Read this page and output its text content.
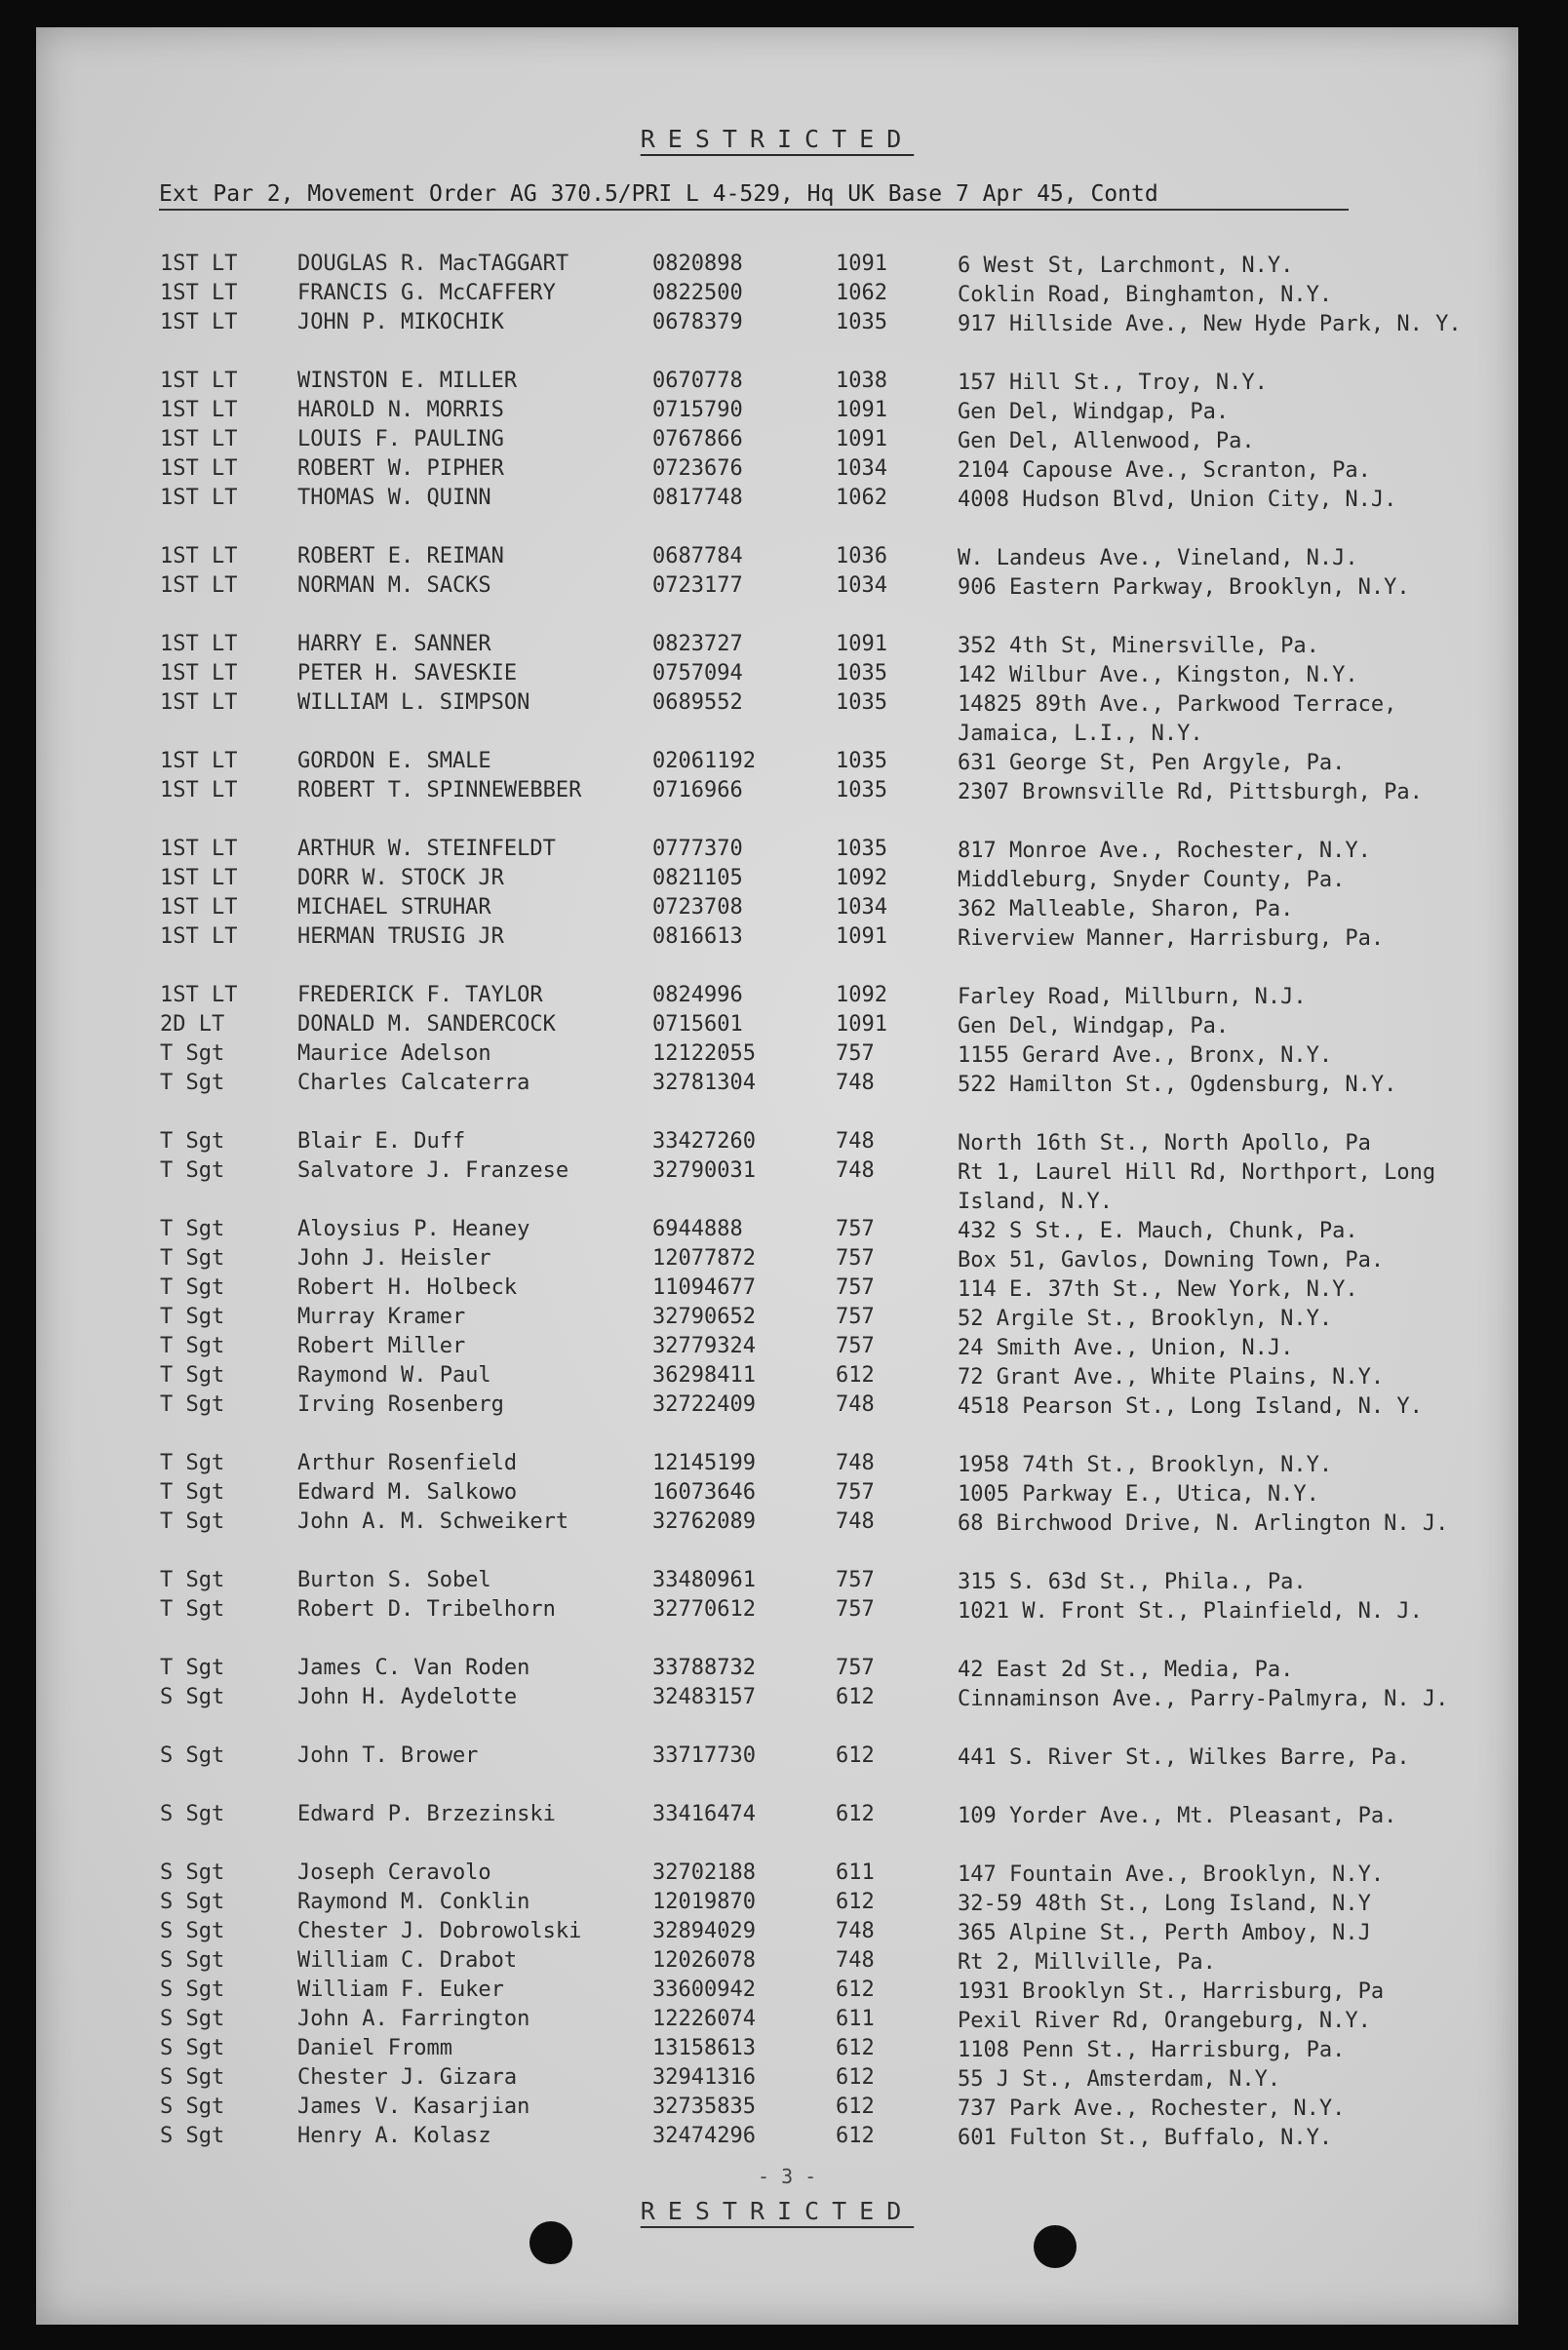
RESTRICTED
Ext Par 2, Movement Order AG 370.5/PRI L 4-529, Hq UK Base 7 Apr 45, Contd
1ST LT	DOUGLAS R. MacTAGGART	0820898	1091	6 West St, Larchmont, N.Y.
1ST LT	FRANCIS G. McCAFFERY	0822500	1062	Coklin Road, Binghamton, N.Y.
1ST LT	JOHN P. MIKOCHIK	0678379	1035	917 Hillside Ave., New Hyde Park, N. Y.
1ST LT	WINSTON E. MILLER	0670778	1038	157 Hill St., Troy, N.Y.
1ST LT	HAROLD N. MORRIS	0715790	1091	Gen Del, Windgap, Pa.
1ST LT	LOUIS F. PAULING	0767866	1091	Gen Del, Allenwood, Pa.
1ST LT	ROBERT W. PIPHER	0723676	1034	2104 Capouse Ave., Scranton, Pa.
1ST LT	THOMAS W. QUINN	0817748	1062	4008 Hudson Blvd, Union City, N.J.
1ST LT	ROBERT E. REIMAN	0687784	1036	W. Landeus Ave., Vineland, N.J.
1ST LT	NORMAN M. SACKS	0723177	1034	906 Eastern Parkway, Brooklyn, N.Y.
1ST LT	HARRY E. SANNER	0823727	1091	352 4th St, Minersville, Pa.
1ST LT	PETER H. SAVESKIE	0757094	1035	142 Wilbur Ave., Kingston, N.Y.
1ST LT	WILLIAM L. SIMPSON	0689552	1035	14825 89th Ave., Parkwood Terrace, Jamaica, L.I., N.Y.
1ST LT	GORDON E. SMALE	02061192	1035	631 George St, Pen Argyle, Pa.
1ST LT	ROBERT T. SPINNEWEBBER	0716966	1035	2307 Brownsville Rd, Pittsburgh, Pa.
1ST LT	ARTHUR W. STEINFELDT	0777370	1035	817 Monroe Ave., Rochester, N.Y.
1ST LT	DORR W. STOCK JR	0821105	1092	Middleburg, Snyder County, Pa.
1ST LT	MICHAEL STRUHAR	0723708	1034	362 Malleable, Sharon, Pa.
1ST LT	HERMAN TRUSIG JR	0816613	1091	Riverview Manner, Harrisburg, Pa.
1ST LT	FREDERICK F. TAYLOR	0824996	1092	Farley Road, Millburn, N.J.
2D LT	DONALD M. SANDERCOCK	0715601	1091	Gen Del, Windgap, Pa.
T Sgt	Maurice Adelson	12122055	757	1155 Gerard Ave., Bronx, N.Y.
T Sgt	Charles Calcaterra	32781304	748	522 Hamilton St., Ogdensburg, N.Y.
T Sgt	Blair E. Duff	33427260	748	North 16th St., North Apollo, Pa
T Sgt	Salvatore J. Franzese	32790031	748	Rt 1, Laurel Hill Rd, Northport, Long Island, N.Y.
T Sgt	Aloysius P. Heaney	6944888	757	432 S St., E. Mauch, Chunk, Pa.
T Sgt	John J. Heisler	12077872	757	Box 51, Gavlos, Downing Town, Pa.
T Sgt	Robert H. Holbeck	11094677	757	114 E. 37th St., New York, N.Y.
T Sgt	Murray Kramer	32790652	757	52 Argile St., Brooklyn, N.Y.
T Sgt	Robert Miller	32779324	757	24 Smith Ave., Union, N.J.
T Sgt	Raymond W. Paul	36298411	612	72 Grant Ave., White Plains, N.Y.
T Sgt	Irving Rosenberg	32722409	748	4518 Pearson St., Long Island, N. Y.
T Sgt	Arthur Rosenfield	12145199	748	1958 74th St., Brooklyn, N.Y.
T Sgt	Edward M. Salkowo	16073646	757	1005 Parkway E., Utica, N.Y.
T Sgt	John A. M. Schweikert	32762089	748	68 Birchwood Drive, N. Arlington N. J.
T Sgt	Burton S. Sobel	33480961	757	315 S. 63d St., Phila., Pa.
T Sgt	Robert D. Tribelhorn	32770612	757	1021 W. Front St., Plainfield, N. J.
T Sgt	James C. Van Roden	33788732	757	42 East 2d St., Media, Pa.
S Sgt	John H. Aydelotte	32483157	612	Cinnaminson Ave., Parry-Palmyra, N. J.
S Sgt	John T. Brower	33717730	612	441 S. River St., Wilkes Barre, Pa.
S Sgt	Edward P. Brzezinski	33416474	612	109 Yorder Ave., Mt. Pleasant, Pa.
S Sgt	Joseph Ceravolo	32702188	611	147 Fountain Ave., Brooklyn, N.Y.
S Sgt	Raymond M. Conklin	12019870	612	32-59 48th St., Long Island, N.Y
S Sgt	Chester J. Dobrowolski	32894029	748	365 Alpine St., Perth Amboy, N.J
S Sgt	William C. Drabot	12026078	748	Rt 2, Millville, Pa.
S Sgt	William F. Euker	33600942	612	1931 Brooklyn St., Harrisburg, Pa
S Sgt	John A. Farrington	12226074	611	Pexil River Rd, Orangeburg, N.Y.
S Sgt	Daniel Fromm	13158613	612	1108 Penn St., Harrisburg, Pa.
S Sgt	Chester J. Gizara	32941316	612	55 J St., Amsterdam, N.Y.
S Sgt	James V. Kasarjian	32735835	612	737 Park Ave., Rochester, N.Y.
S Sgt	Henry A. Kolasz	32474296	612	601 Fulton St., Buffalo, N.Y.
- 3 -
RESTRICTED
